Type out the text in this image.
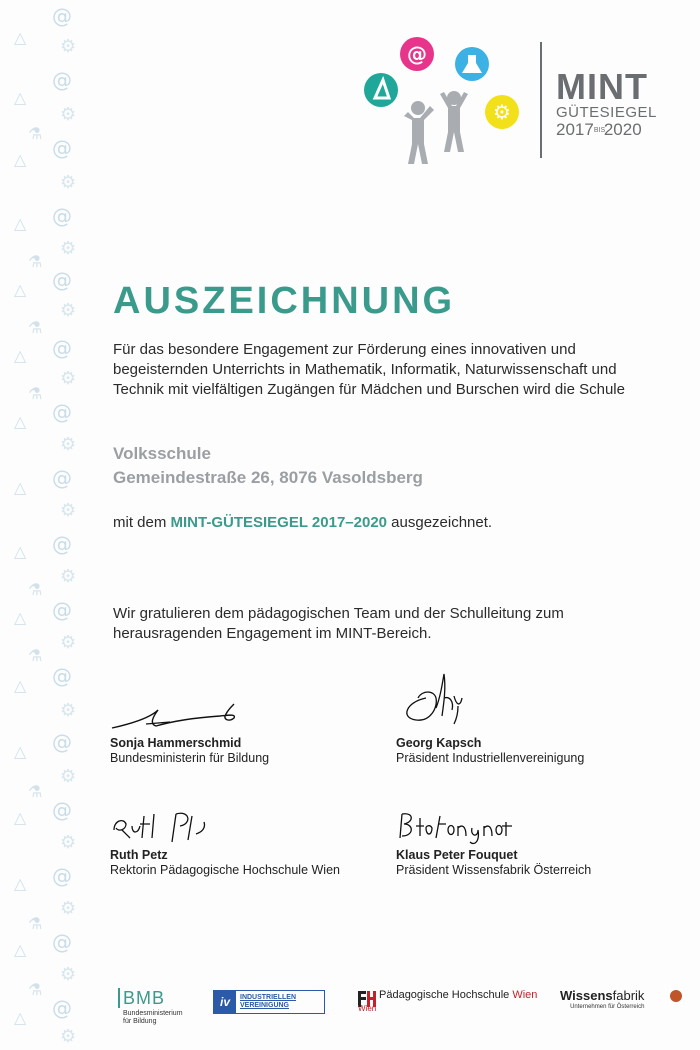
@
△ ⚙
@
△
⚙
⚗
△ @
⚙
@
△
⚗
⚙
@
△
⚙
⚗
@
△
⚙
⚗
@
△
⚙
@
△
⚙
@
△
⚙
⚗
@
△
⚙
⚗
@
△
⚙
@
△
⚙
⚗
@
△
⚙
@
△
⚙
⚗
@
△
⚙
⚗
@
△
⚙
@
⚙
MINT
GÜTESIEGEL
2017BIS2020
AUSZEICHNUNG
Für das besondere Engagement zur Förderung eines innovativen und begeisternden Unterrichts in Mathematik, Informatik, Naturwissenschaft und Technik mit vielfältigen Zugängen für Mädchen und Burschen wird die Schule
Volksschule
Gemeindestraße 26, 8076 Vasoldsberg
mit dem MINT-GÜTESIEGEL 2017–2020 ausgezeichnet.
Wir gratulieren dem pädagogischen Team und der Schulleitung zum herausragenden Engagement im MINT-Bereich.
Sonja Hammerschmid
Bundesministerin für Bildung
Georg Kapsch
Präsident Industriellenvereinigung
Ruth Petz
Rektorin Pädagogische Hochschule Wien
Klaus Peter Fouquet
Präsident Wissensfabrik Österreich
BMB
Bundesministerium
für Bildung
iv	INDUSTRIELLEN
VEREINIGUNG	Wien
Pädagogische Hochschule Wien Wissensfabrik
Unternehmen für Österreich
